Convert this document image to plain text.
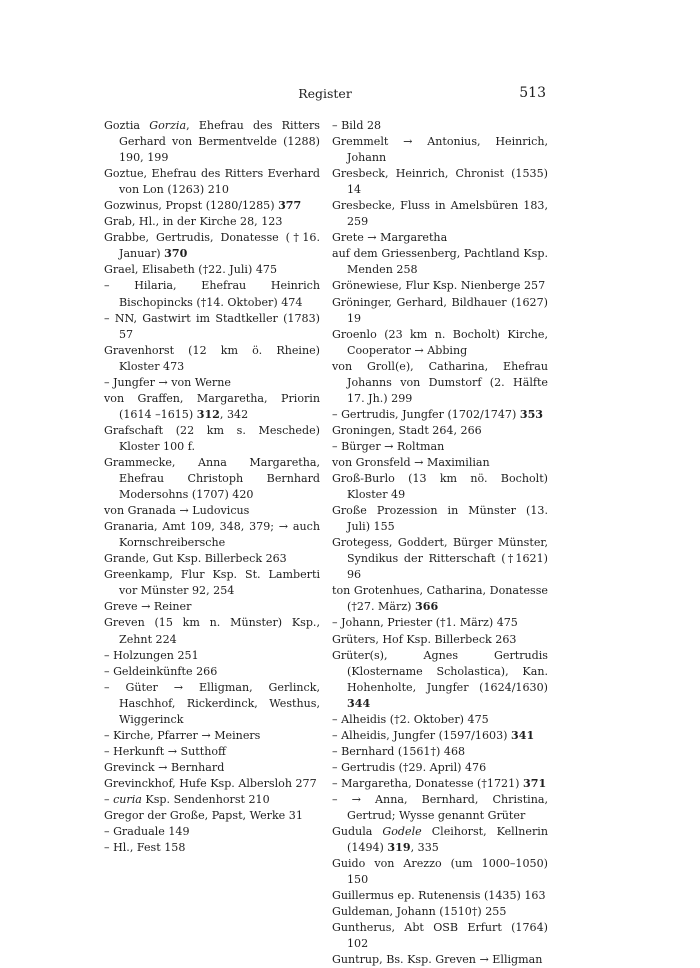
Register	513
Goztia Gorzia, Ehefrau des Ritters Gerhard von Bermentvelde (1288) 190, 199
Goztue, Ehefrau des Ritters Everhard von Lon (1263) 210
Gozwinus, Propst (1280/1285) 377
Grab, Hl., in der Kirche 28, 123
Grabbe, Gertrudis, Donatesse (†16. Januar) 370
Grael, Elisabeth (†22. Juli) 475
– Hilaria, Ehefrau Heinrich Bischopincks (†14. Oktober) 474
– NN, Gastwirt im Stadtkeller (1783) 57
Gravenhorst (12 km ö. Rheine) Kloster 473
– Jungfer → von Werne
von Graffen, Margaretha, Priorin (1614 –1615) 312, 342
Grafschaft (22 km s. Meschede) Kloster 100 f.
Grammecke, Anna Margaretha, Ehefrau Christoph Bernhard Modersohns (1707) 420
von Granada → Ludovicus
Granaria, Amt 109, 348, 379; → auch Kornschreibersche
Grande, Gut Ksp. Billerbeck 263
Greenkamp, Flur Ksp. St. Lamberti vor Münster 92, 254
Greve → Reiner
Greven (15 km n. Münster) Ksp., Zehnt 224
– Holzungen 251
– Geldeinkünfte 266
– Güter → Elligman, Gerlinck, Haschhof, Rickerdinck, Westhus, Wiggerinck
– Kirche, Pfarrer → Meiners
– Herkunft → Sutthoff
Grevinck → Bernhard
Grevinckhof, Hufe Ksp. Albersloh 277
– curia Ksp. Sendenhorst 210
Gregor der Große, Papst, Werke 31
– Graduale 149
– Hl., Fest 158
– Bild 28
Gremmelt → Antonius, Heinrich, Johann
Gresbeck, Heinrich, Chronist (1535) 14
Gresbecke, Fluss in Amelsbüren 183, 259
Grete → Margaretha
auf dem Griessenberg, Pachtland Ksp. Menden 258
Grönewiese, Flur Ksp. Nienberge 257
Gröninger, Gerhard, Bildhauer (1627) 19
Groenlo (23 km n. Bocholt) Kirche, Cooperator → Abbing
von Groll(e), Catharina, Ehefrau Johanns von Dumstorf (2. Hälfte 17. Jh.) 299
– Gertrudis, Jungfer (1702/1747) 353
Groningen, Stadt 264, 266
– Bürger → Roltman
von Gronsfeld → Maximilian
Groß-Burlo (13 km nö. Bocholt) Kloster 49
Große Prozession in Münster (13. Juli) 155
Grotegess, Goddert, Bürger Münster, Syndikus der Ritterschaft (†1621) 96
ton Grotenhues, Catharina, Donatesse (†27. März) 366
– Johann, Priester (†1. März) 475
Grüters, Hof Ksp. Billerbeck 263
Grüter(s), Agnes Gertrudis (Klostername Scholastica), Kan. Hohenholte, Jungfer (1624/1630) 344
– Alheidis (†2. Oktober) 475
– Alheidis, Jungfer (1597/1603) 341
– Bernhard (1561†) 468
– Gertrudis (†29. April) 476
– Margaretha, Donatesse (†1721) 371
– → Anna, Bernhard, Christina, Gertrud; Wysse genannt Grüter
Gudula Godele Cleihorst, Kellnerin (1494) 319, 335
Guido von Arezzo (um 1000–1050) 150
Guillermus ep. Rutenensis (1435) 163
Guldeman, Johann (1510†) 255
Guntherus, Abt OSB Erfurt (1764) 102
Guntrup, Bs. Ksp. Greven → Elligman
